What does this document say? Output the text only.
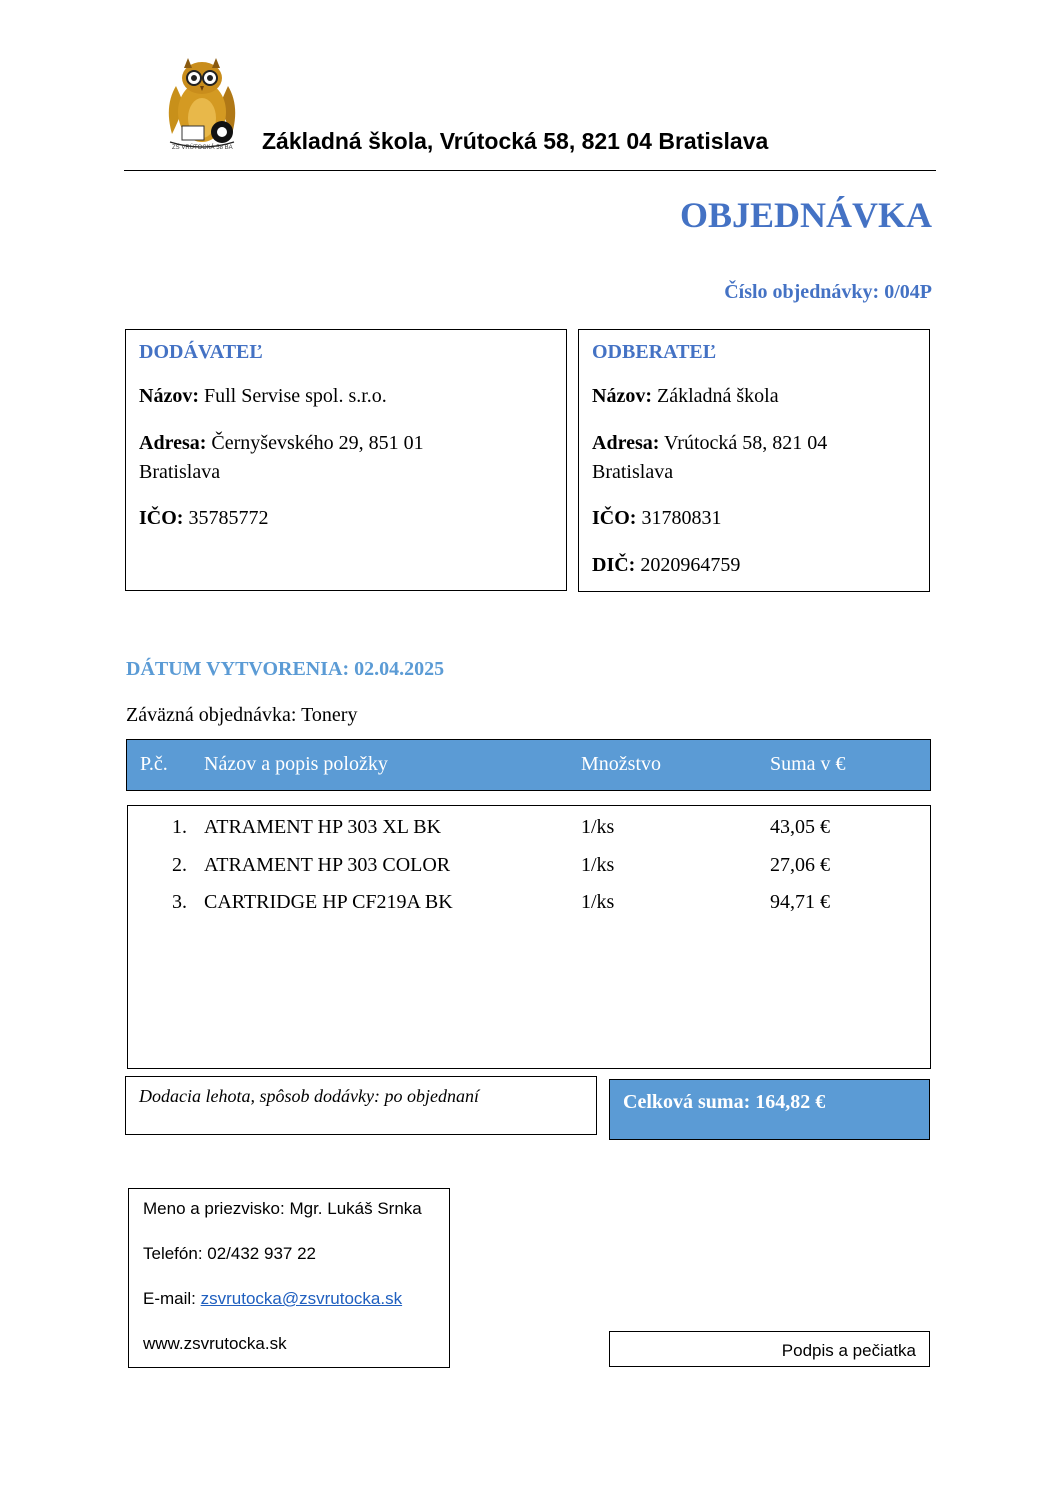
ZŠ VRÚTOCKÁ 58 BA	Základná škola, Vrútocká 58, 821 04 Bratislava
OBJEDNÁVKA
Číslo objednávky: 0/04P
DODÁVATEĽ
Názov: Full Servise spol. s.r.o.
Adresa: Černyševského 29, 851 01
Bratislava
IČO: 35785772
ODBERATEĽ
Názov: Základná škola
Adresa: Vrútocká 58, 821 04
Bratislava
IČO: 31780831
DIČ: 2020964759
DÁTUM VYTVORENIA: 02.04.2025
Záväzná objednávka: Tonery
P.č. Názov a popis položky	Množstvo	Suma v €
1. ATRAMENT HP 303 XL BK	1/ks	43,05 €
2. ATRAMENT HP 303 COLOR	1/ks	27,06 €
3. CARTRIDGE HP CF219A BK	1/ks	94,71 €
Dodacia lehota, spôsob dodávky: po objednaní	Celková suma: 164,82 €
Meno a priezvisko: Mgr. Lukáš Srnka
Telefón: 02/432 937 22
E-mail: zsvrutocka@zsvrutocka.sk
www.zsvrutocka.sk	Podpis a pečiatka
